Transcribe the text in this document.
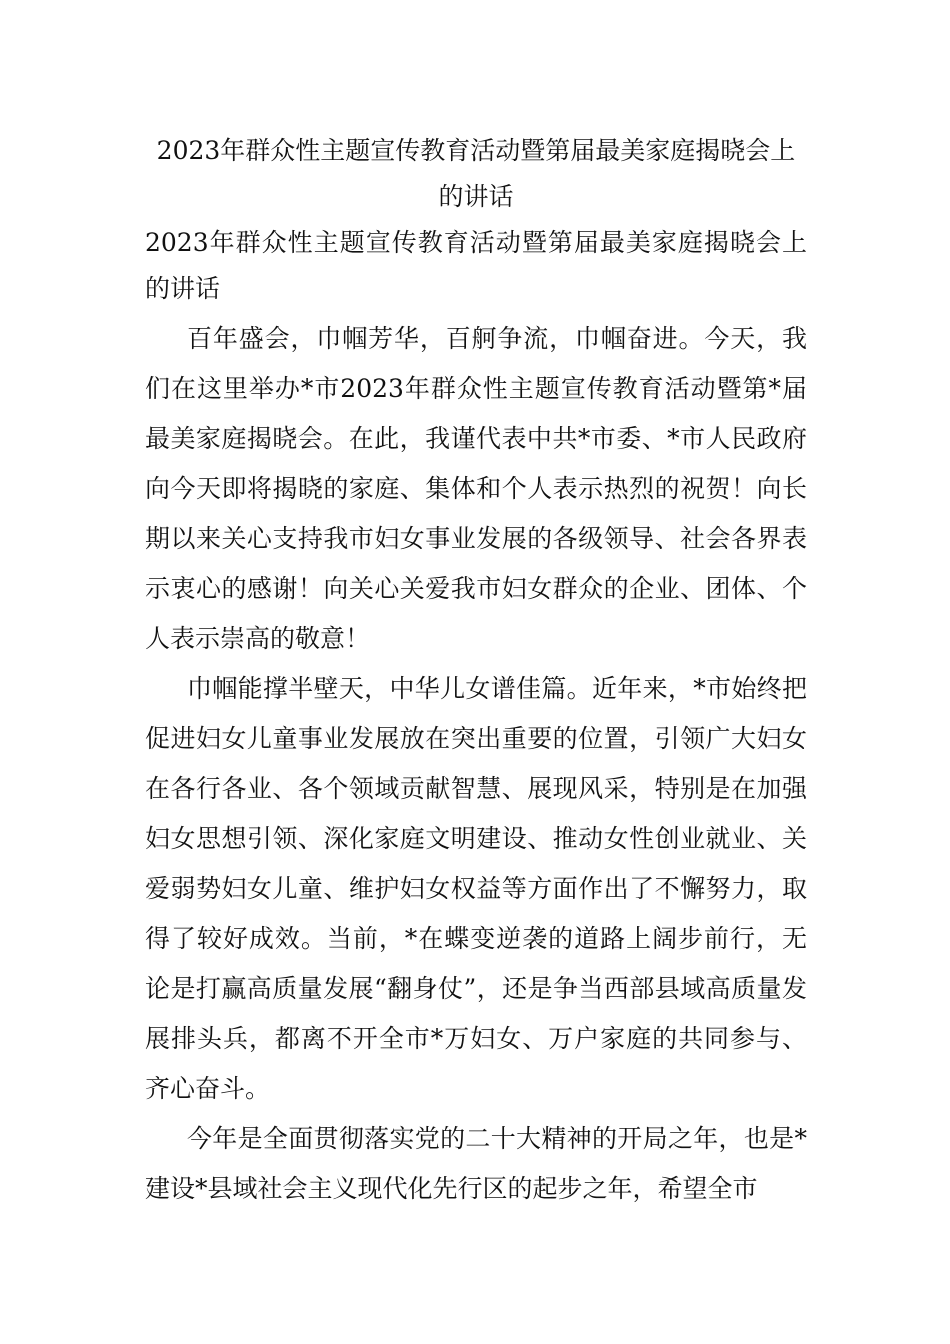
2023年群众性主题宣传教育活动暨第届最美家庭揭晓会上的讲话

2023年群众性主题宣传教育活动暨第届最美家庭揭晓会上的讲话

百年盛会，巾帼芳华，百舸争流，巾帼奋进。今天，我们在这里举办*市2023年群众性主题宣传教育活动暨第*届最美家庭揭晓会。在此，我谨代表中共*市委、*市人民政府向今天即将揭晓的家庭、集体和个人表示热烈的祝贺！向长期以来关心支持我市妇女事业发展的各级领导、社会各界表示衷心的感谢！向关心关爱我市妇女群众的企业、团体、个人表示崇高的敬意！

巾帼能撑半壁天，中华儿女谱佳篇。近年来，*市始终把促进妇女儿童事业发展放在突出重要的位置，引领广大妇女在各行各业、各个领域贡献智慧、展现风采，特别是在加强妇女思想引领、深化家庭文明建设、推动女性创业就业、关爱弱势妇女儿童、维护妇女权益等方面作出了不懈努力，取得了较好成效。当前，*在蝶变逆袭的道路上阔步前行，无论是打赢高质量发展“翻身仗”，还是争当西部县域高质量发展排头兵，都离不开全市*万妇女、万户家庭的共同参与、齐心奋斗。

今年是全面贯彻落实党的二十大精神的开局之年，也是*建设*县域社会主义现代化先行区的起步之年，希望全市
